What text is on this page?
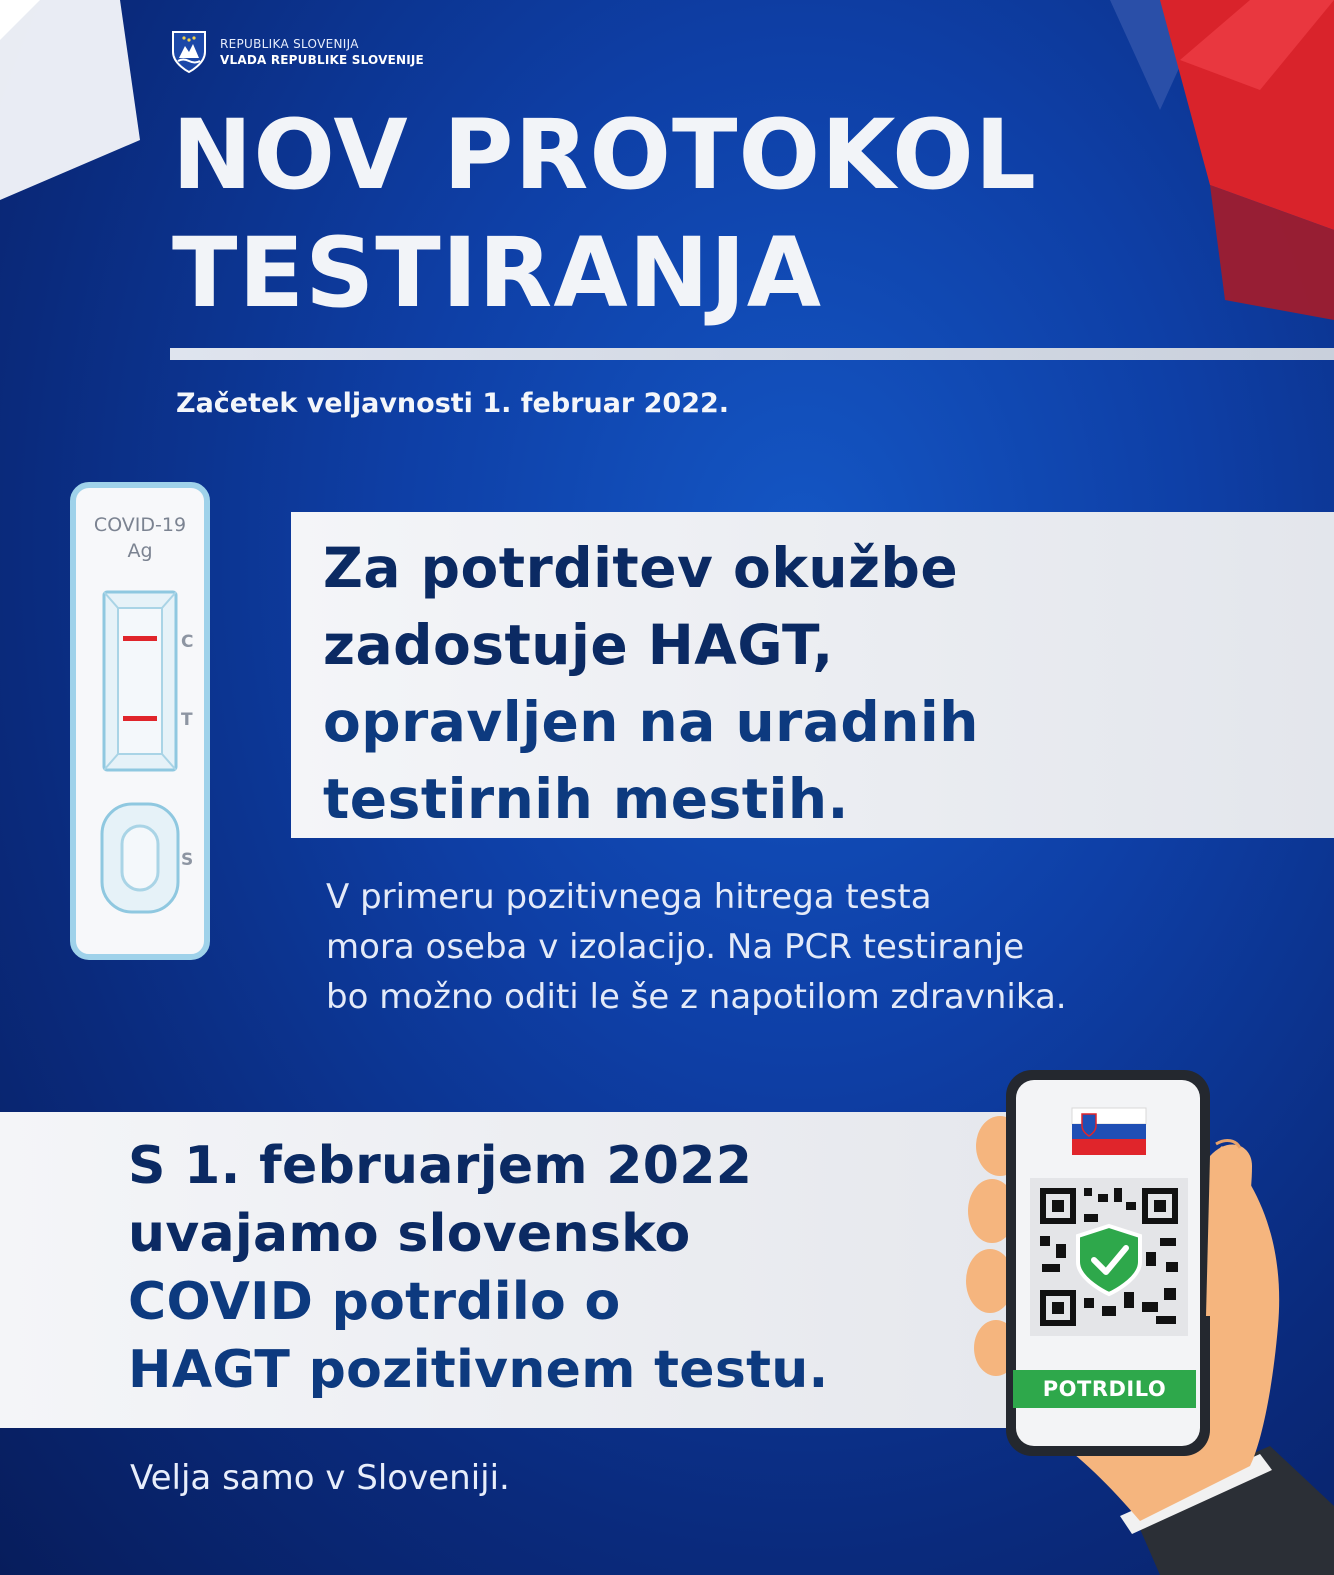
REPUBLIKA SLOVENIJA
VLADA REPUBLIKE SLOVENIJE
NOV PROTOKOL
TESTIRANJA
Začetek veljavnosti 1. februar 2022.
COVID-19
Ag
C
T
S
Za potrditev okužbe
zadostuje HAGT,
opravljen na uradnih
testirnih mestih.
V primeru pozitivnega hitrega testa
mora oseba v izolacijo. Na PCR testiranje
bo možno oditi le še z napotilom zdravnika.
S 1. februarjem 2022
uvajamo slovensko
COVID potrdilo o
HAGT pozitivnem testu.	POTRDILO
Velja samo v Sloveniji.
